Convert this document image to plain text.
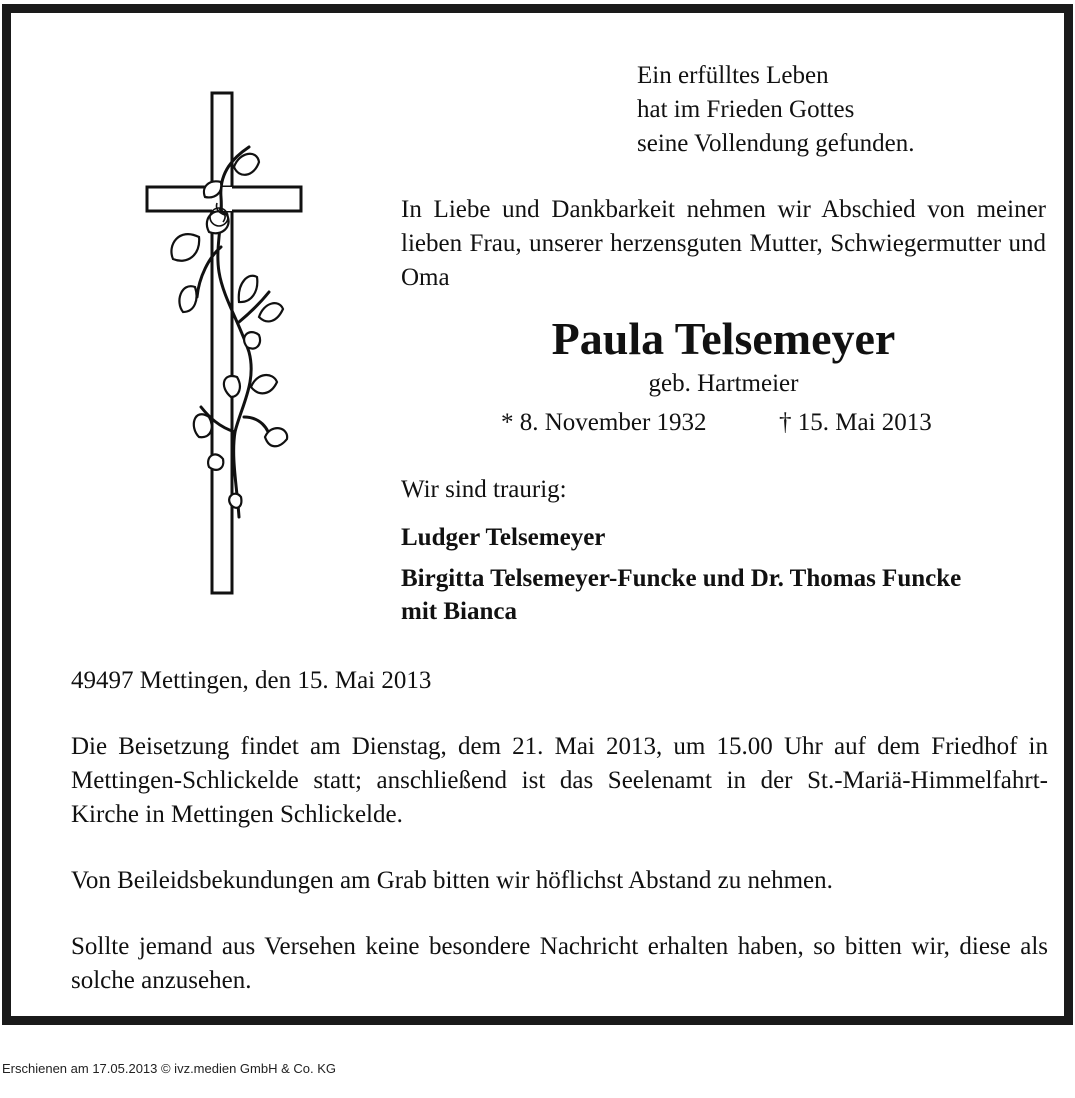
Ein erfülltes Leben
hat im Frieden Gottes
seine Vollendung gefunden.

In Liebe und Dankbarkeit nehmen wir Abschied von meiner lieben Frau, unserer herzensguten Mutter, Schwiegermutter und Oma

Paula Telsemeyer

geb. Hartmeier

* 8. November 1932	† 15. Mai 2013

Wir sind traurig:

Ludger Telsemeyer

Birgitta Telsemeyer-Funcke und Dr. Thomas Funcke
mit Bianca

49497 Mettingen, den 15. Mai 2013

Die Beisetzung findet am Dienstag, dem 21. Mai 2013, um 15.00 Uhr auf dem Friedhof in Mettingen-Schlickelde statt; anschließend ist das Seelenamt in der St.-Mariä-Himmelfahrt-Kirche in Mettingen Schlickelde.

Von Beileidsbekundungen am Grab bitten wir höflichst Abstand zu nehmen.

Sollte jemand aus Versehen keine besondere Nachricht erhalten haben, so bitten wir, diese als solche anzusehen.

Erschienen am 17.05.2013 © ivz.medien GmbH & Co. KG
